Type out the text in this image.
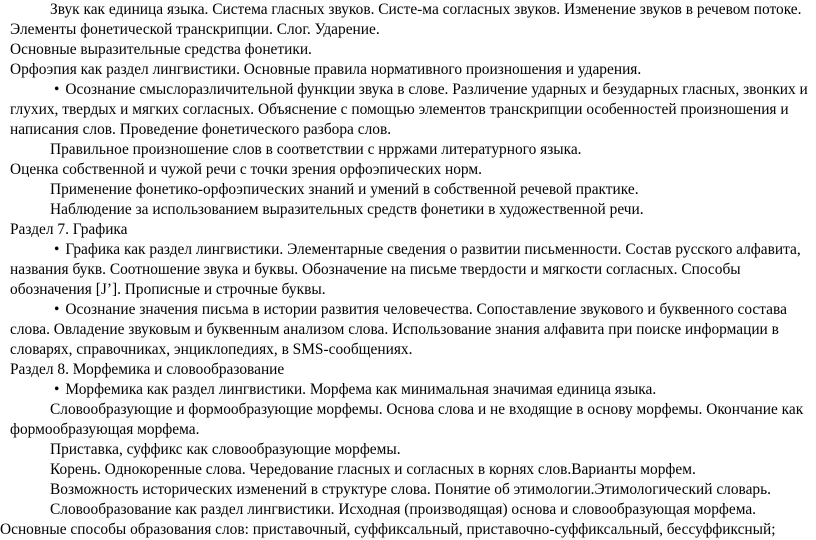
Звук как единица языка. Система гласных звуков. Систе-ма согласных звуков. Изменение звуков в речевом потоке. Элементы фонетической транскрипции. Слог. Ударение.

Основные выразительные средства фонетики.

Орфоэпия как раздел лингвистики. Основные правила нормативного произношения и ударения.

• Осознание смыслоразличительной функции звука в слове. Различение ударных и безударных гласных, звонких и глухих, твердых и мягких согласных. Объяснение с помощью элементов транскрипции особенностей произношения и написания слов. Проведение фонетического разбора слов.

Правильное произношение слов в соответствии с нрржами литературного языка.

Оценка собственной и чужой речи с точки зрения орфоэпических норм.

Применение фонетико-орфоэпических знаний и умений в собственной речевой практике.

Наблюдение за использованием выразительных средств фонетики в художественной речи.

Раздел 7. Графика

• Графика как раздел лингвистики. Элементарные сведения о развитии письменности. Состав русского алфавита, названия букв. Соотношение звука и буквы. Обозначение на письме твердости и мягкости согласных. Способы обозначения [J’]. Прописные и строчные буквы.

• Осознание значения письма в истории развития человечества. Сопоставление звукового и буквенного состава слова. Овладение звуковым и буквенным анализом слова. Использование знания алфавита при поиске информации в словарях, справочниках, энциклопедиях, в SMS-сообщениях.

Раздел 8. Морфемика и словообразование

• Морфемика как раздел лингвистики. Морфема как минимальная значимая единица языка.

Словообразующие и формообразующие морфемы. Основа слова и не входящие в основу морфемы. Окончание как формообразующая морфема.

Приставка, суффикс как словообразующие морфемы.

Корень. Однокоренные слова. Чередование гласных и согласных в корнях слов.Варианты морфем.

Возможность исторических изменений в структуре слова. Понятие об этимологии.Этимологический словарь.

Словообразование как раздел лингвистики. Исходная (производящая) основа и словообразующая морфема.

Основные способы образования слов: приставочный, суффиксальный, приставочно-суффиксальный, бессуффиксный;
